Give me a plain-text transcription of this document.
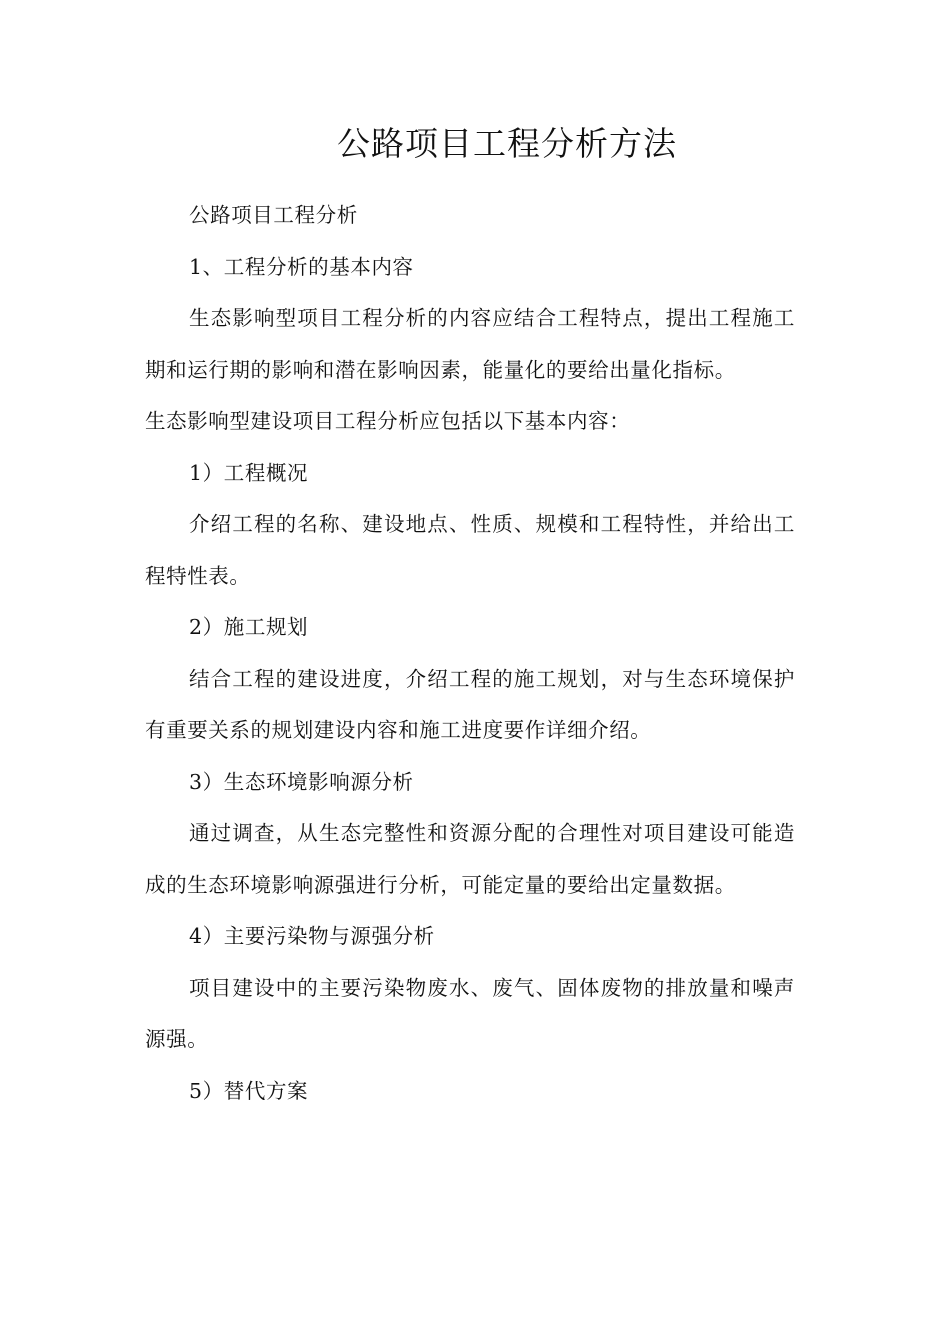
公路项目工程分析方法

公路项目工程分析

1、工程分析的基本内容

生态影响型项目工程分析的内容应结合工程特点，提出工程施工期和运行期的影响和潜在影响因素，能量化的要给出量化指标。

生态影响型建设项目工程分析应包括以下基本内容：

1）工程概况

介绍工程的名称、建设地点、性质、规模和工程特性，并给出工程特性表。

2）施工规划

结合工程的建设进度，介绍工程的施工规划，对与生态环境保护有重要关系的规划建设内容和施工进度要作详细介绍。

3）生态环境影响源分析

通过调查，从生态完整性和资源分配的合理性对项目建设可能造成的生态环境影响源强进行分析，可能定量的要给出定量数据。

4）主要污染物与源强分析

项目建设中的主要污染物废水、废气、固体废物的排放量和噪声源强。

5）替代方案
